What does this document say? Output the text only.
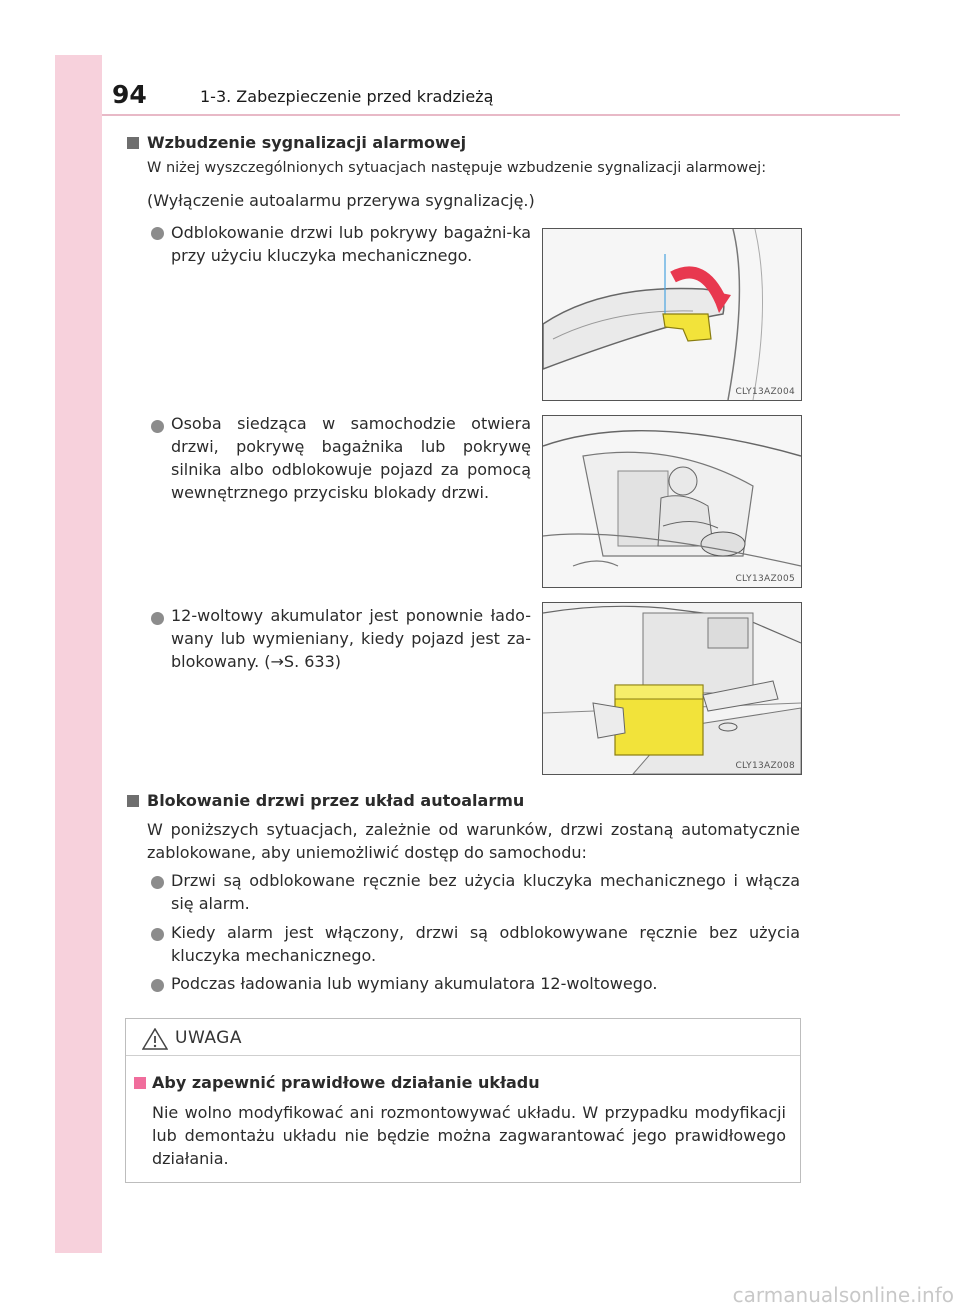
94	1-3. Zabezpieczenie przed kradzieżą
Wzbudzenie sygnalizacji alarmowej
W niżej wyszczególnionych sytuacjach następuje wzbudzenie sygnalizacji alarmowej:
(Wyłączenie autoalarmu przerywa sygnalizację.)
Odblokowanie drzwi lub pokrywy bagażni-ka przy użyciu kluczyka mechanicznego.
CLY13AZ004
Osoba siedząca w samochodzie otwiera drzwi, pokrywę bagażnika lub pokrywę silnika albo odblokowuje pojazd za pomocą wewnętrznego przycisku blokady drzwi.
CLY13AZ005
12-woltowy akumulator jest ponownie łado-wany lub wymieniany, kiedy pojazd jest za-blokowany. (→S. 633)
CLY13AZ008
Blokowanie drzwi przez układ autoalarmu
W poniższych sytuacjach, zależnie od warunków, drzwi zostaną automatycznie zablokowane, aby uniemożliwić dostęp do samochodu:
Drzwi są odblokowane ręcznie bez użycia kluczyka mechanicznego i włącza się alarm.
Kiedy alarm jest włączony, drzwi są odblokowywane ręcznie bez użycia kluczyka mechanicznego.
Podczas ładowania lub wymiany akumulatora 12-woltowego.
UWAGA
Aby zapewnić prawidłowe działanie układu
Nie wolno modyfikować ani rozmontowywać układu. W przypadku modyfikacji lub demontażu układu nie będzie można zagwarantować jego prawidłowego działania.
carmanualsonline.info
